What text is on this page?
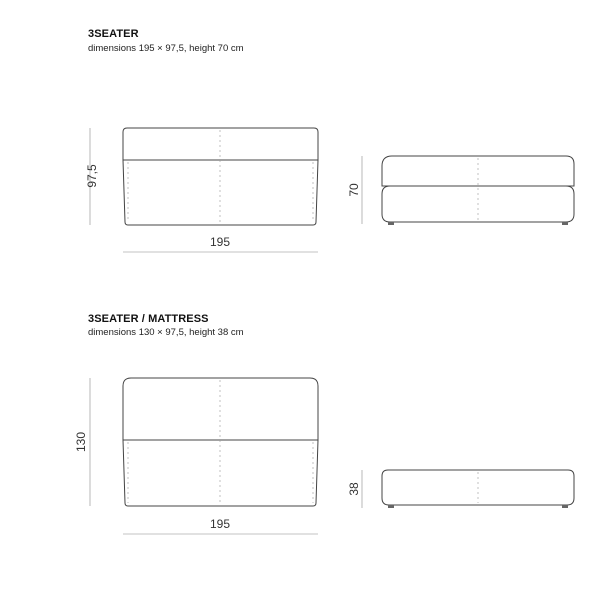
3SEATER
dimensions 195 × 97,5, height 70 cm
3SEATER / MATTRESS
dimensions 130 × 97,5, height 38 cm
97,5
195
70
130
195
38
